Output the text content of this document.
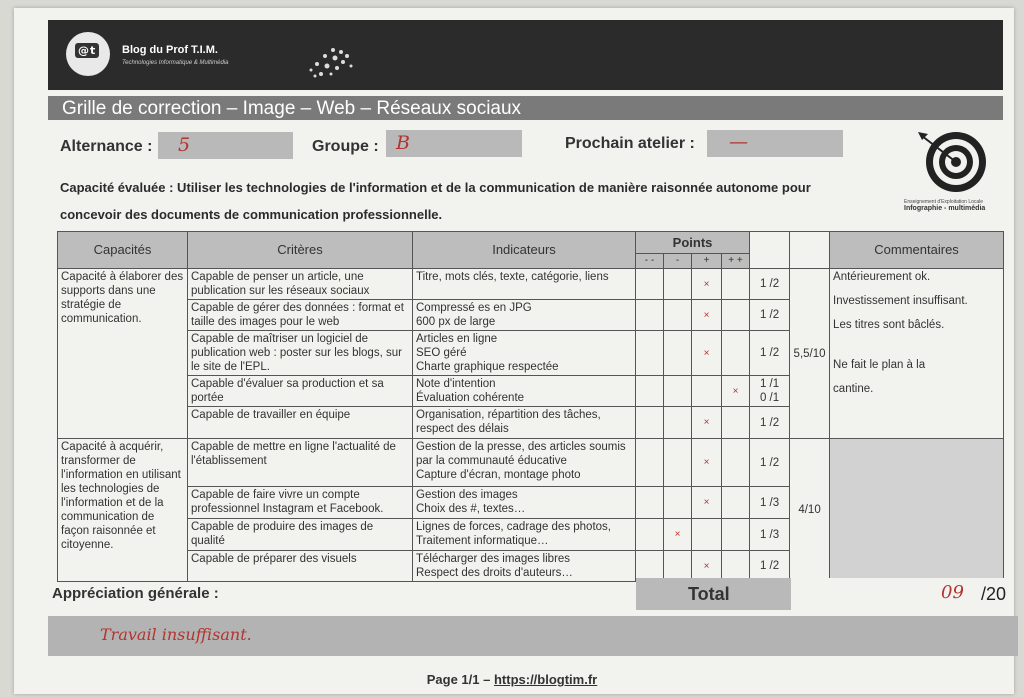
@t Blog du Prof T.I.M.
Technologies Informatique & Multimédia
Grille de correction – Image – Web – Réseaux sociaux
Alternance : 5	Groupe : B	Prochain atelier : —
Enseignement d'Exploitation Locale
Infographie - multimédia
Capacité évaluée : Utiliser les technologies de l'information et de la communication de manière raisonnée autonome pour
concevoir des documents de communication professionnelle.
Capacités	Critères	Indicateurs	Points						Commentaires
			- -	-	+	+ +			
Capacité à élaborer des supports dans une stratégie de communication.	Capable de penser un article, une publication sur les réseaux sociaux	Titre, mots clés, texte, catégorie, liens			×		1 /2	5,5/10	Antérieurement ok.
Investissement insuffisant.
Les titres sont bâclés.
Ne fait le plan à la
cantine.

	Capable de gérer des données : format et taille des images pour le web	Compressé es en JPG
600 px de large			×		1 /2		
	Capable de maîtriser un logiciel de publication web : poster sur les blogs, sur le site de l'EPL.	Articles en ligne
SEO géré
Charte graphique respectée			×		1 /2		
	Capable d'évaluer sa production et sa portée	Note d'intention
Évaluation cohérente				×	1 /1
0 /1		
	Capable de travailler en équipe	Organisation, répartition des tâches, respect des délais			×		1 /2		
Capacité à acquérir, transformer de l'information en utilisant les technologies de l'information et de la communication de façon raisonnée et citoyenne.	Capable de mettre en ligne l'actualité de l'établissement	Gestion de la presse, des articles soumis par la communauté éducative
Capture d'écran, montage photo			×		1 /2	4/10	
	Capable de faire vivre un compte professionnel Instagram et Facebook.	Gestion des images
Choix des #, textes…			×		1 /3		
	Capable de produire des images de qualité	Lignes de forces, cadrage des photos, Traitement informatique…		×			1 /3		
	Capable de préparer des visuels	Télécharger des images libres
Respect des droits d'auteurs…			×		1 /2		
Appréciation générale :	Total	09 /20
Travail insuffisant.
Page 1/1 – https://blogtim.fr
